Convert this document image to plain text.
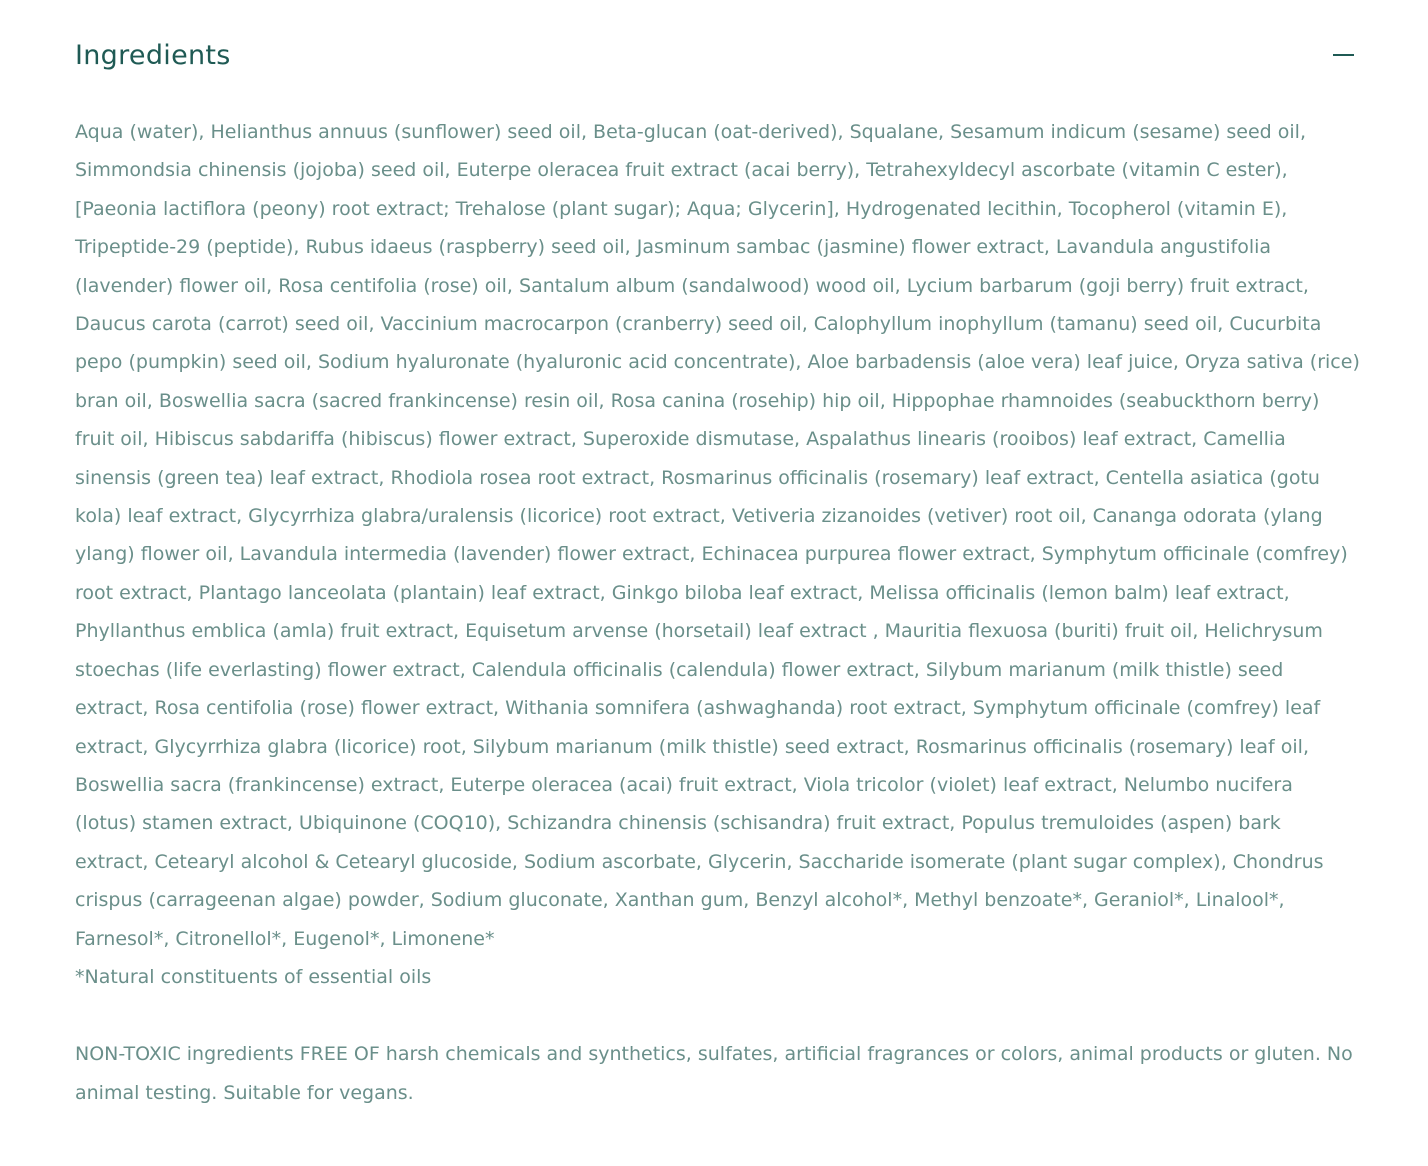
Ingredients

Aqua (water), Helianthus annuus (sunflower) seed oil, Beta-glucan (oat-derived), Squalane, Sesamum indicum (sesame) seed oil, Simmondsia chinensis (jojoba) seed oil, Euterpe oleracea fruit extract (acai berry), Tetrahexyldecyl ascorbate (vitamin C ester), [Paeonia lactiflora (peony) root extract; Trehalose (plant sugar); Aqua; Glycerin], Hydrogenated lecithin, Tocopherol (vitamin E), Tripeptide-29 (peptide), Rubus idaeus (raspberry) seed oil, Jasminum sambac (jasmine) flower extract, Lavandula angustifolia (lavender) flower oil, Rosa centifolia (rose) oil, Santalum album (sandalwood) wood oil, Lycium barbarum (goji berry) fruit extract, Daucus carota (carrot) seed oil, Vaccinium macrocarpon (cranberry) seed oil, Calophyllum inophyllum (tamanu) seed oil, Cucurbita pepo (pumpkin) seed oil, Sodium hyaluronate (hyaluronic acid concentrate), Aloe barbadensis (aloe vera) leaf juice, Oryza sativa (rice) bran oil, Boswellia sacra (sacred frankincense) resin oil, Rosa canina (rosehip) hip oil, Hippophae rhamnoides (seabuckthorn berry) fruit oil, Hibiscus sabdariffa (hibiscus) flower extract, Superoxide dismutase, Aspalathus linearis (rooibos) leaf extract, Camellia sinensis (green tea) leaf extract, Rhodiola rosea root extract, Rosmarinus officinalis (rosemary) leaf extract, Centella asiatica (gotu kola) leaf extract, Glycyrrhiza glabra/uralensis (licorice) root extract, Vetiveria zizanoides (vetiver) root oil, Cananga odorata (ylang ylang) flower oil, Lavandula intermedia (lavender) flower extract, Echinacea purpurea flower extract, Symphytum officinale (comfrey) root extract, Plantago lanceolata (plantain) leaf extract, Ginkgo biloba leaf extract, Melissa officinalis (lemon balm) leaf extract, Phyllanthus emblica (amla) fruit extract, Equisetum arvense (horsetail) leaf extract , Mauritia flexuosa (buriti) fruit oil, Helichrysum stoechas (life everlasting) flower extract, Calendula officinalis (calendula) flower extract, Silybum marianum (milk thistle) seed extract, Rosa centifolia (rose) flower extract, Withania somnifera (ashwaghanda) root extract, Symphytum officinale (comfrey) leaf extract, Glycyrrhiza glabra (licorice) root, Silybum marianum (milk thistle) seed extract, Rosmarinus officinalis (rosemary) leaf oil, Boswellia sacra (frankincense) extract, Euterpe oleracea (acai) fruit extract, Viola tricolor (violet) leaf extract, Nelumbo nucifera (lotus) stamen extract, Ubiquinone (COQ10), Schizandra chinensis (schisandra) fruit extract, Populus tremuloides (aspen) bark extract, Cetearyl alcohol & Cetearyl glucoside, Sodium ascorbate, Glycerin, Saccharide isomerate (plant sugar complex), Chondrus crispus (carrageenan algae) powder, Sodium gluconate, Xanthan gum, Benzyl alcohol*, Methyl benzoate*, Geraniol*, Linalool*, Farnesol*, Citronellol*, Eugenol*, Limonene*

*Natural constituents of essential oils

NON-TOXIC ingredients FREE OF harsh chemicals and synthetics, sulfates, artificial fragrances or colors, animal products or gluten. No animal testing. Suitable for vegans.
